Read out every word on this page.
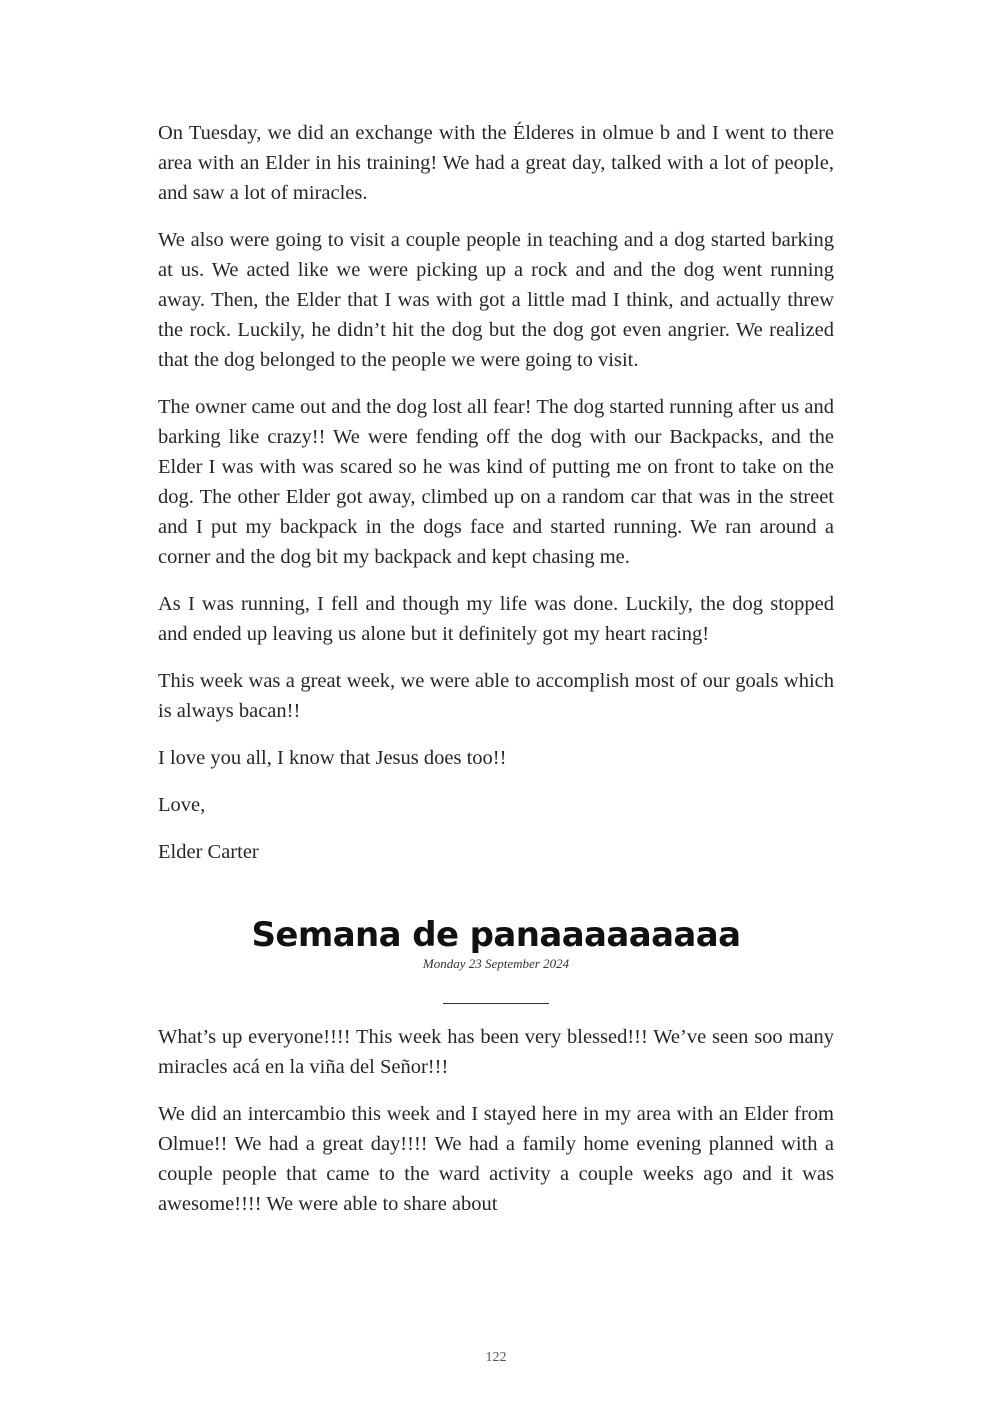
On Tuesday, we did an exchange with the Élderes in olmue b and I went to there area with an Elder in his training! We had a great day, talked with a lot of people, and saw a lot of miracles.

We also were going to visit a couple people in teaching and a dog started barking at us. We acted like we were picking up a rock and and the dog went running away. Then, the Elder that I was with got a little mad I think, and actually threw the rock. Luckily, he didn’t hit the dog but the dog got even angrier. We realized that the dog belonged to the people we were going to visit.

The owner came out and the dog lost all fear! The dog started running after us and barking like crazy!! We were fending off the dog with our Backpacks, and the Elder I was with was scared so he was kind of putting me on front to take on the dog. The other Elder got away, climbed up on a random car that was in the street and I put my backpack in the dogs face and started running. We ran around a corner and the dog bit my backpack and kept chasing me.

As I was running, I fell and though my life was done. Luckily, the dog stopped and ended up leaving us alone but it definitely got my heart racing!

This week was a great week, we were able to accomplish most of our goals which is always bacan!!

I love you all, I know that Jesus does too!!

Love,

Elder Carter

Semana de panaaaaaaaaa
Monday 23 September 2024

What’s up everyone!!!! This week has been very blessed!!! We’ve seen soo many miracles acá en la viña del Señor!!!

We did an intercambio this week and I stayed here in my area with an Elder from Olmue!! We had a great day!!!! We had a family home evening planned with a couple people that came to the ward activity a couple weeks ago and it was awesome!!!! We were able to share about

122
